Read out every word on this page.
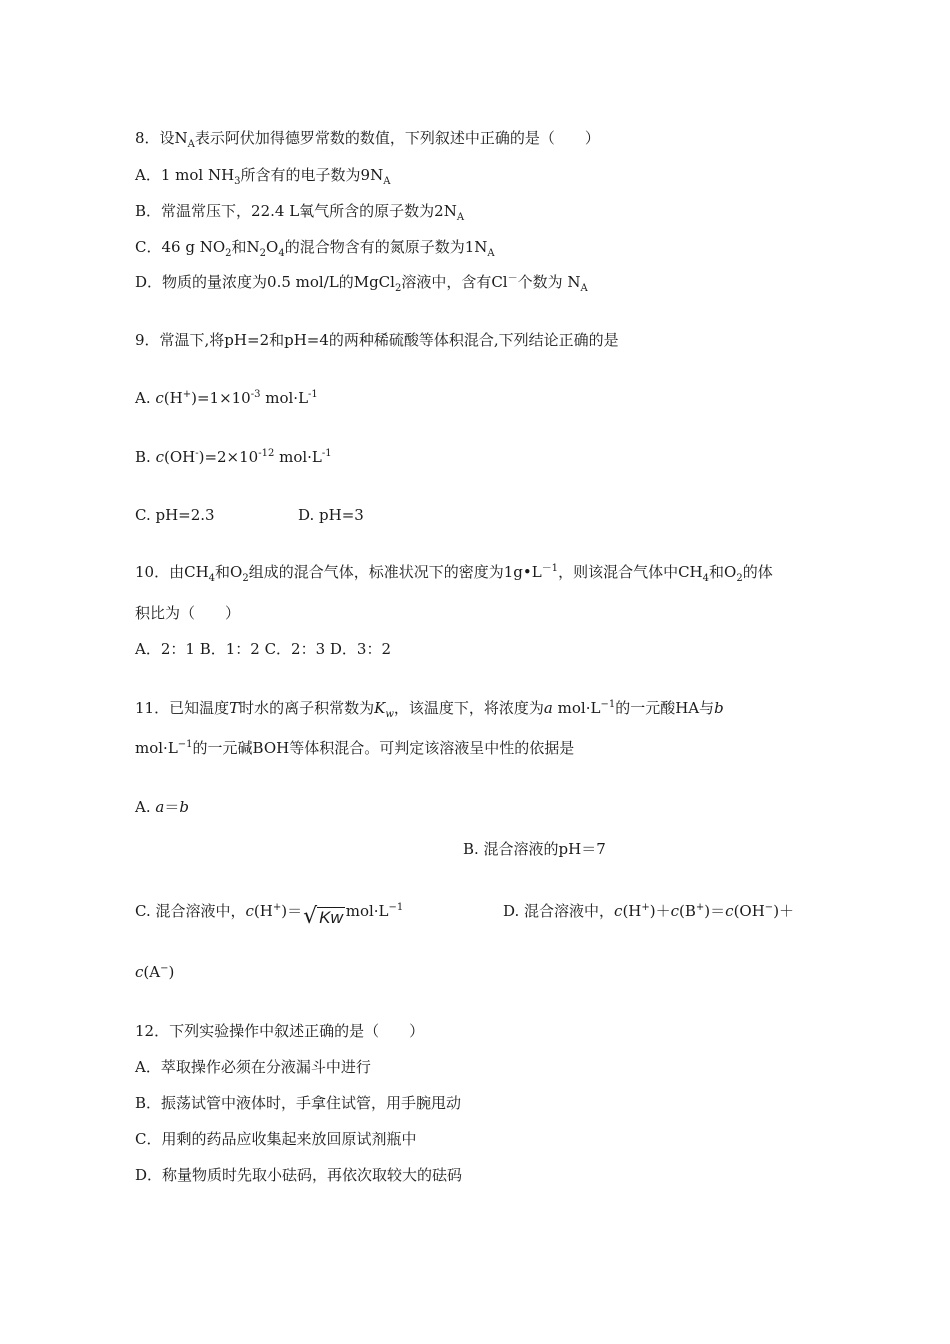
8．设$N_A$表示阿伏加得德罗常数的数值，下列叙述中正确的是（　　）
A．1 mol $NH_3$所含有的电子数为$9N_A$
B．常温常压下，22.4 L氧气所含的原子数为$2N_A$
C．46 g $NO_2$和$N_2O_4$的混合物含有的氮原子数为$1N_A$
D．物质的量浓度为0.5 mol/L的MgCl$_2$溶液中，含有Cl－个数为 $N_A$
9．常温下,将pH=2和pH=4的两种稀硫酸等体积混合,下列结论正确的是
A. $c(H^+)=1\times 10^{-3}$ $mol\cdot L^{-1}$
B. $c(OH^-)=2\times 10^{-12}$ $mol\cdot L^{-1}$
C. pH=2.3	D. pH=3
10．由$CH_4$和$O_2$组成的混合气体，标准状况下的密度为$1g•L^{-1}$，则该混合气体中$CH_4$和$O_2$的体
积比为（　　）
A．2：1 B．1：2 C．2：3 D．3：2
11．已知温度T时水的离子积常数为$K_w$，该温度下，将浓度为a $mol\cdot L^{-1}$的一元酸HA与b
$mol\cdot L^{-1}$的一元碱BOH等体积混合。可判定该溶液呈中性的依据是
A. a＝b
B. 混合溶液的pH＝7
C. 混合溶液中，c(H+)＝√ Kw $mol\cdot L^{-1}$	D. 混合溶液中，c(H+)＋c(B+)＝c(OH−)＋
c(A−)
12．下列实验操作中叙述正确的是（　　）
A．萃取操作必须在分液漏斗中进行
B．振荡试管中液体时，手拿住试管，用手腕甩动
C．用剩的药品应收集起来放回原试剂瓶中
D．称量物质时先取小砝码，再依次取较大的砝码
